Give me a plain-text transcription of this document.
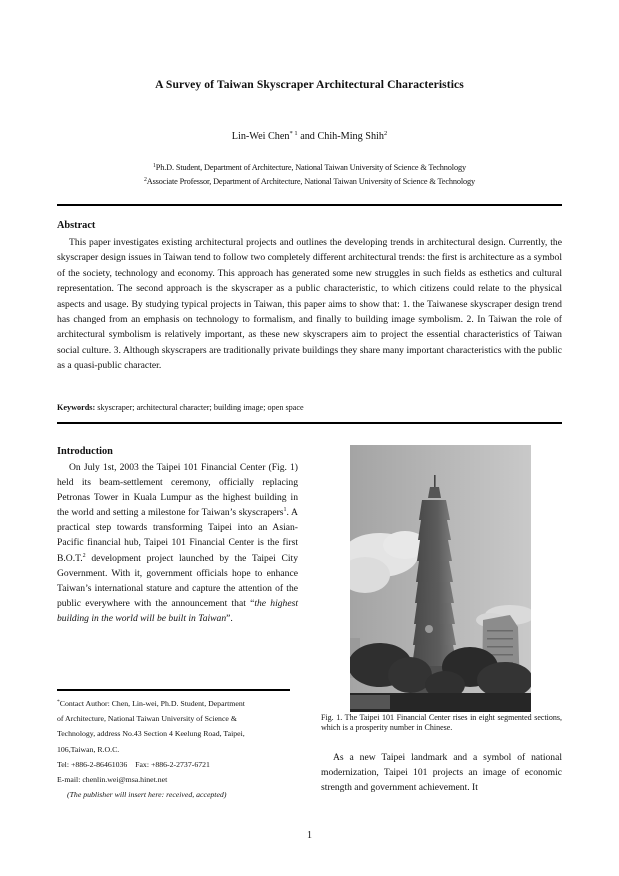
A Survey of Taiwan Skyscraper Architectural Characteristics
Lin-Wei Chen$^{* 1}$ and Chih-Ming Shih$^2$
$^1$Ph.D. Student, Department of Architecture, National Taiwan University of Science & Technology
$^2$Associate Professor, Department of Architecture, National Taiwan University of Science & Technology
Abstract
This paper investigates existing architectural projects and outlines the developing trends in architectural design. Currently, the skyscraper design issues in Taiwan tend to follow two completely different architectural trends: the first is architecture as a symbol of the society, technology and economy. This approach has generated some new struggles in such fields as esthetics and cultural representation. The second approach is the skyscraper as a public characteristic, to which citizens could relate to the physical aspects and usage. By studying typical projects in Taiwan, this paper aims to show that: 1. the Taiwanese skyscraper design trend has changed from an emphasis on technology to formalism, and finally to building image symbolism. 2. In Taiwan the role of architectural symbolism is relatively important, as these new skyscrapers aim to project the essential characteristics of Taiwan social culture. 3. Although skyscrapers are traditionally private buildings they share many important characteristics with the public as a quasi-public character.
Keywords: skyscraper; architectural character; building image; open space
Introduction
On July 1st, 2003 the Taipei 101 Financial Center (Fig. 1) held its beam-settlement ceremony, officially replacing Petronas Tower in Kuala Lumpur as the highest building in the world and setting a milestone for Taiwan’s skyscrapers$^1$. A practical step towards transforming Taipei into an Asian-Pacific financial hub, Taipei 101 Financial Center is the first B.O.T.$^2$ development project launched by the Taipei City Government. With it, government officials hope to enhance Taiwan’s international stature and capture the attention of the public everywhere with the announcement that “the highest building in the world will be built in Taiwan”.
*Contact Author: Chen, Lin-wei, Ph.D. Student, Department
of Architecture, National Taiwan University of Science &
Technology, address No.43 Section 4 Keelung Road, Taipei,
106,Taiwan, R.O.C.
Tel: +886-2-86461036    Fax: +886-2-2737-6721
E-mail: chenlin.wei@msa.hinet.net
(The publisher will insert here: received, accepted)
Fig. 1. The Taipei 101 Financial Center rises in eight segmented sections, which is a prosperity number in Chinese.
As a new Taipei landmark and a symbol of national modernization, Taipei 101 projects an image of economic strength and government achievement. It
1
